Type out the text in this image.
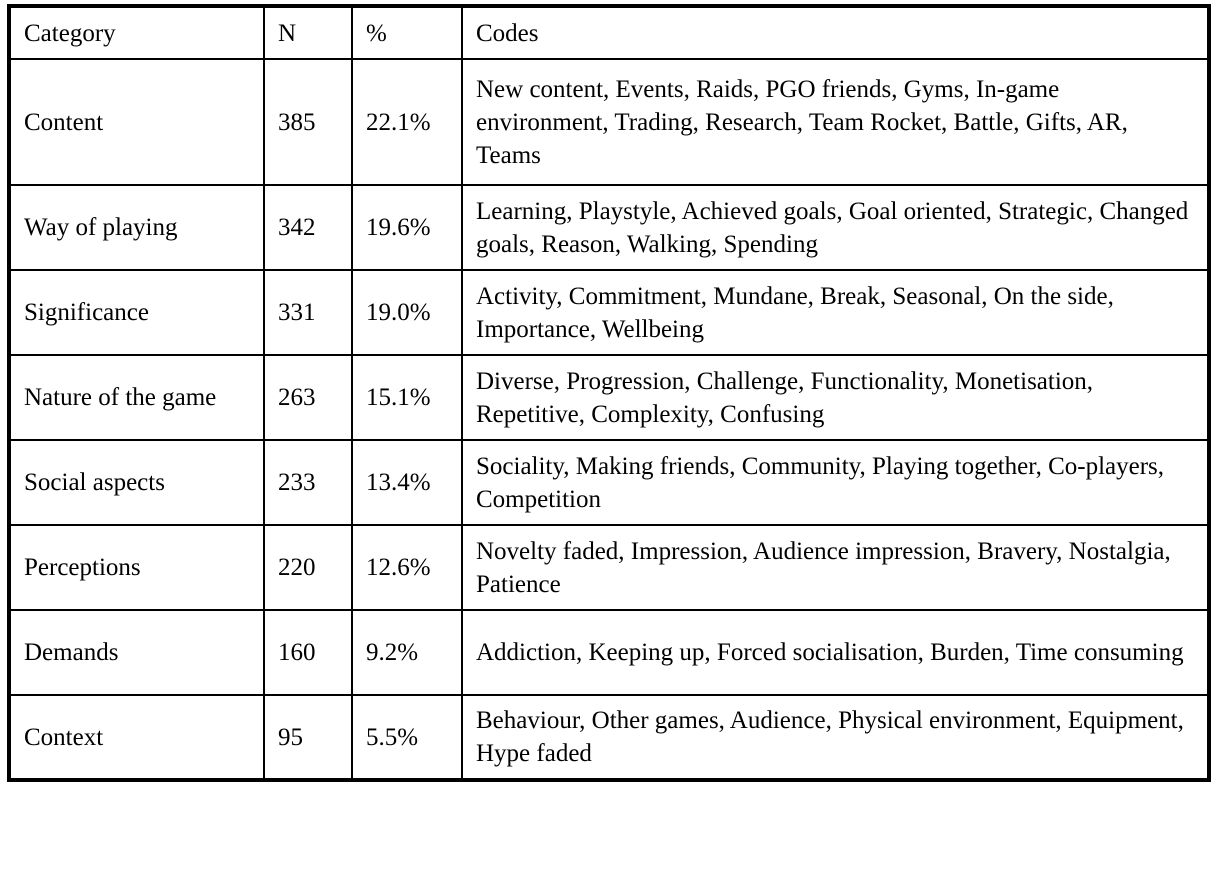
Category	N	%	Codes
Content	385	22.1%	New content, Events, Raids, PGO friends, Gyms, In-game environment, Trading, Research, Team Rocket, Battle, Gifts, AR, Teams
Way of playing	342	19.6%	Learning, Playstyle, Achieved goals, Goal oriented, Strategic, Changed goals, Reason, Walking, Spending
Significance	331	19.0%	Activity, Commitment, Mundane, Break, Seasonal, On the side, Importance, Wellbeing
Nature of the game	263	15.1%	Diverse, Progression, Challenge, Functionality, Monetisation, Repetitive, Complexity, Confusing
Social aspects	233	13.4%	Sociality, Making friends, Community, Playing together, Co-players, Competition
Perceptions	220	12.6%	Novelty faded, Impression, Audience impression, Bravery, Nostalgia, Patience
Demands	160	9.2%	Addiction, Keeping up, Forced socialisation, Burden, Time consuming
Context	95	5.5%	Behaviour, Other games, Audience, Physical environment, Equipment, Hype faded
